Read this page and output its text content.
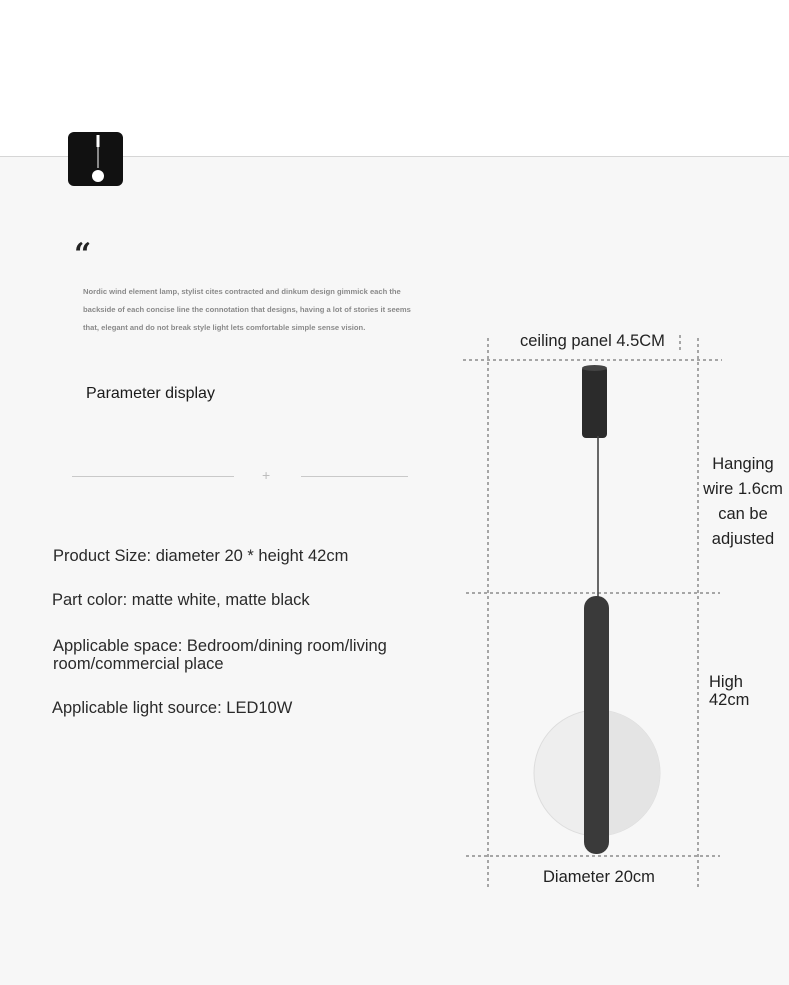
“
Nordic wind element lamp, stylist cites contracted and dinkum design gimmick each the backside of each concise line the connotation that designs, having a lot of stories it seems that, elegant and do not break style light lets comfortable simple sense vision.
Parameter display
+
Product Size: diameter 20 * height 42cm
Part color: matte white, matte black
Applicable space: Bedroom/dining room/living room/commercial place
Applicable light source: LED10W
ceiling panel 4.5CM
Hanging wire 1.6cm can be adjusted
High 42cm
Diameter 20cm
